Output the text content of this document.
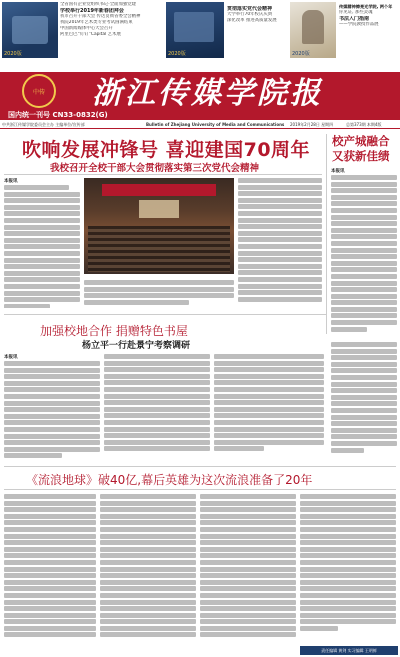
2020版
全省国有企业党组织书记·全面加强党建
学校举行2019年新春团拜会
我市召开干部大会 传达贯彻省委全会精神
我院2019年艺术类专业考试圆满结束
中国新闻媒体中心大会召开
阿里巴巴“钉钉”Capital 艺术展
2020版
贯彻落实党代会精神
大学举行70年校庆庆典
深化改革 推进高质量发展
2020版
传媒精神擦亮光学院, 两个年
你见证, 那些灵魂
书法入门指南
——学院教授作品展
中传
国内统一刊号 CN33-0832(G)
浙江传媒学院报
中共浙江传媒学院委员会主办 主编单位/宣传部	Bulletin of Zhejiang University of Media and Communications 2019年2月28日 星期四	总第373期 本期4版
吹响发展冲锋号 喜迎建国70周年
我校召开全校干部大会贯彻落实第三次党代会精神
本报讯
校产城融合
又获新佳绩
本报讯
加强校地合作 捐赠特色书屋
杨立平一行赴景宁考察调研
本报讯
《流浪地球》破40亿,幕后英雄为这次流浪准备了20年
责任编辑 黄剑 实习编辑 王明鲜
